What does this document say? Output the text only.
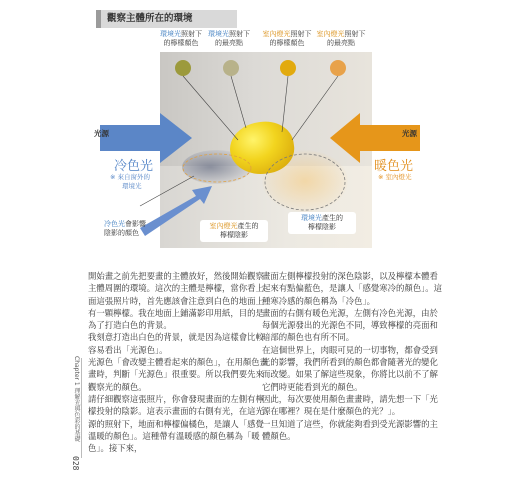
觀察主體所在的環境
環境光照射下
的檸檬顏色
環境光照射下
的最亮點
室內燈光照射下
的檸檬顏色
室內燈光照射下
的最亮點
光源
冷色光
※ 來自窗外的
環境光
光源
暖色光
※ 室內燈光
冷色光會影響
陰影的顏色
室內燈光產生的
檸檬陰影
環境光產生的
檸檬陰影

開始畫之前先把要畫的主體放好，然後開始觀察主體周圍的環境。這次的主體是檸檬，當你看上面這張照片時，首先應該會注意到白色的地面上有一顆檸檬。我在地面上鋪滿影印用紙，目的是為了打造白色的背景。

我刻意打造出白色的背景，就是因為這樣會比較容易看出「光源色」。

光源色「會改變主體看起來的顏色」，在用顏色畫畫時，判斷「光源色」很重要。所以我們要先來觀察光的顏色。

請仔細觀察這張照片，你會發現畫面的左側有檸檬投射的陰影。這表示畫面的右側有光，在這光源的照射下，地面和檸檬偏橘色，是讓人「感覺溫暖的顏色」。這種帶有溫暖感的顏色稱為「暖色」。接下來，

畫面左側檸檬投射的深色陰影，以及檸檬本體看起來有點偏藍色，是讓人「感覺寒冷的顏色」。這種寒冷感的顏色稱為「冷色」。

畫面的右側有暖色光源，左側有冷色光源，由於每個光源發出的光源色不同，導致檸檬的亮面和暗部的顏色也有所不同。

在這個世界上，肉眼可見的一切事物，都會受到光的影響，我們所看到的顏色都會隨著光的變化而改變。如果了解這些現象，你將比以前不了解它們時更能看到光的顏色。

因此，每次要使用顏色畫畫時，請先想一下「光源在哪裡？現在是什麼顏色的光？」。

一旦知道了這些，你就能夠看到受光源影響的主體顏色。

Chapter 1 理解光與色彩的基礎
028
